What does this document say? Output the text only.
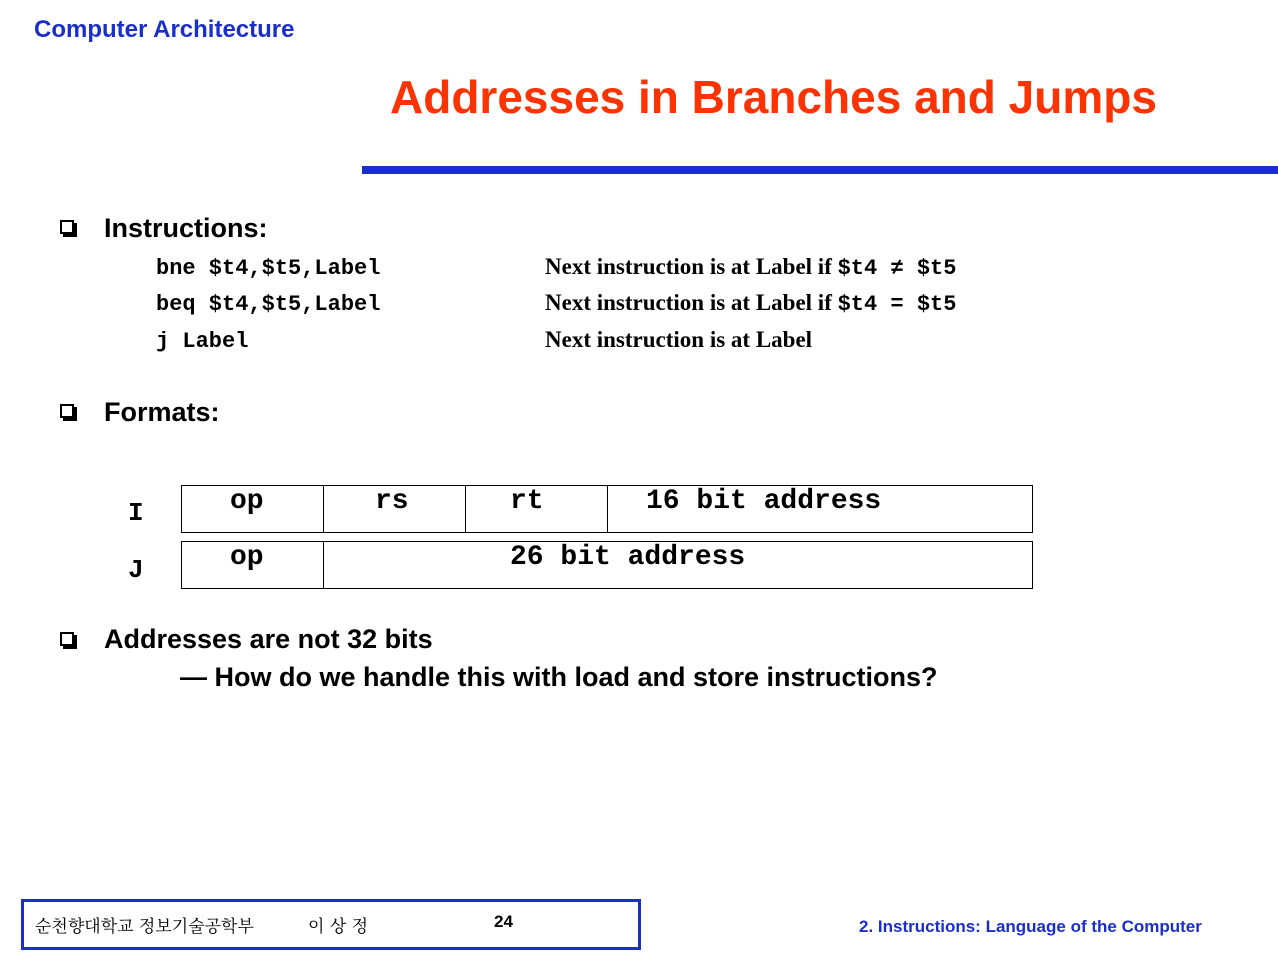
Computer Architecture
Addresses in Branches and Jumps
Instructions:
bne $t4,$t5,Label	Next instruction is at Label if $t4 ≠ $t5
beq $t4,$t5,Label	Next instruction is at Label if $t4 = $t5
j Label	Next instruction is at Label
Formats:
I	op	rs	rt	16 bit address
J	op	26 bit address
Addresses are not 32 bits
— How do we handle this with load and store instructions?
순천향대학교 정보기술공학부	이 상 정	24	2. Instructions: Language of the Computer
